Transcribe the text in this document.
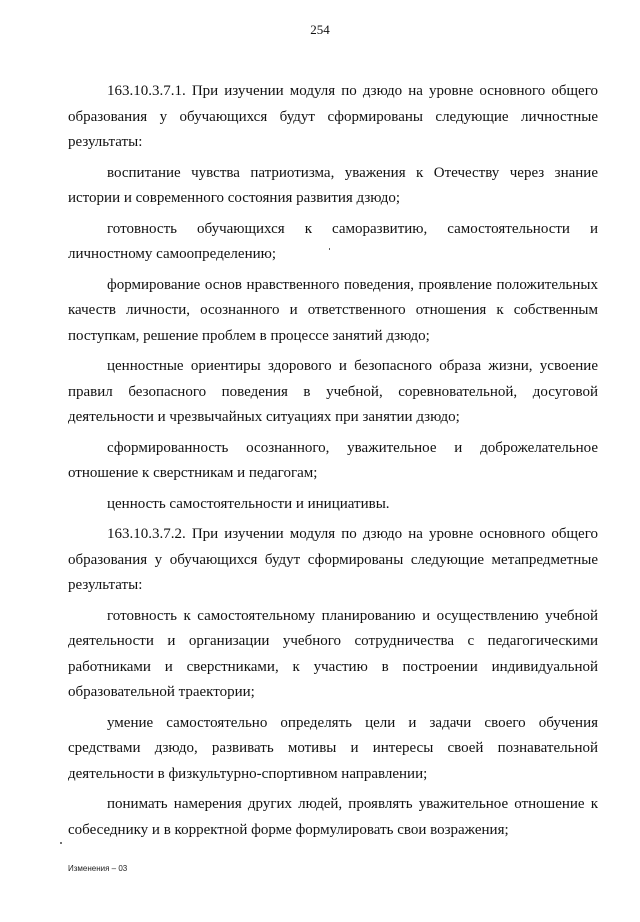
254

163.10.3.7.1. При изучении модуля по дзюдо на уровне основного общего образования у обучающихся будут сформированы следующие личностные результаты:

воспитание чувства патриотизма, уважения к Отечеству через знание истории и современного состояния развития дзюдо;

готовность обучающихся к саморазвитию, самостоятельности и личностному самоопределению;

формирование основ нравственного поведения, проявление положительных качеств личности, осознанного и ответственного отношения к собственным поступкам, решение проблем в процессе занятий дзюдо;

ценностные ориентиры здорового и безопасного образа жизни, усвоение правил безопасного поведения в учебной, соревновательной, досуговой деятельности и чрезвычайных ситуациях при занятии дзюдо;

сформированность осознанного, уважительное и доброжелательное отношение к сверстникам и педагогам;

ценность самостоятельности и инициативы.

163.10.3.7.2. При изучении модуля по дзюдо на уровне основного общего образования у обучающихся будут сформированы следующие метапредметные результаты:

готовность к самостоятельному планированию и осуществлению учебной деятельности и организации учебного сотрудничества с педагогическими работниками и сверстниками, к участию в построении индивидуальной образовательной траектории;

умение самостоятельно определять цели и задачи своего обучения средствами дзюдо, развивать мотивы и интересы своей познавательной деятельности в физкультурно-спортивном направлении;

понимать намерения других людей, проявлять уважительное отношение к собеседнику и в корректной форме формулировать свои возражения;

Изменения – 03
